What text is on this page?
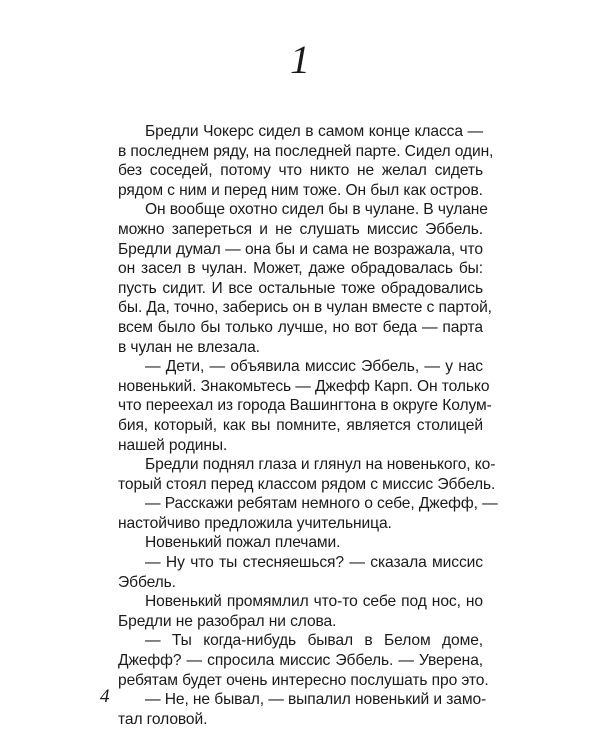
1

Бредли Чокерс сидел в самом конце класса —
в последнем ряду, на последней парте. Сидел один,
без соседей, потому что никто не желал сидеть
рядом с ним и перед ним тоже. Он был как остров.

Он вообще охотно сидел бы в чулане. В чулане
можно запереться и не слушать миссис Эббель.
Бредли думал — она бы и сама не возражала, что
он засел в чулан. Может, даже обрадовалась бы:
пусть сидит. И все остальные тоже обрадовались
бы. Да, точно, заберись он в чулан вместе с партой,
всем было бы только лучше, но вот беда — парта
в чулан не влезала.

— Дети, — объявила миссис Эббель, — у нас
новенький. Знакомьтесь — Джефф Карп. Он только
что переехал из города Вашингтона в округе Колум-
бия, который, как вы помните, является столицей
нашей родины.

Бредли поднял глаза и глянул на новенького, ко-
торый стоял перед классом рядом с миссис Эббель.

— Расскажи ребятам немного о себе, Джефф, —
настойчиво предложила учительница.

Новенький пожал плечами.

— Ну что ты стесняешься? — сказала миссис
Эббель.

Новенький промямлил что-то себе под нос, но
Бредли не разобрал ни слова.

— Ты когда-нибудь бывал в Белом доме,
Джефф? — спросила миссис Эббель. — Уверена,
ребятам будет очень интересно послушать про это.

— Не, не бывал, — выпалил новенький и замо-
тал головой.

4
